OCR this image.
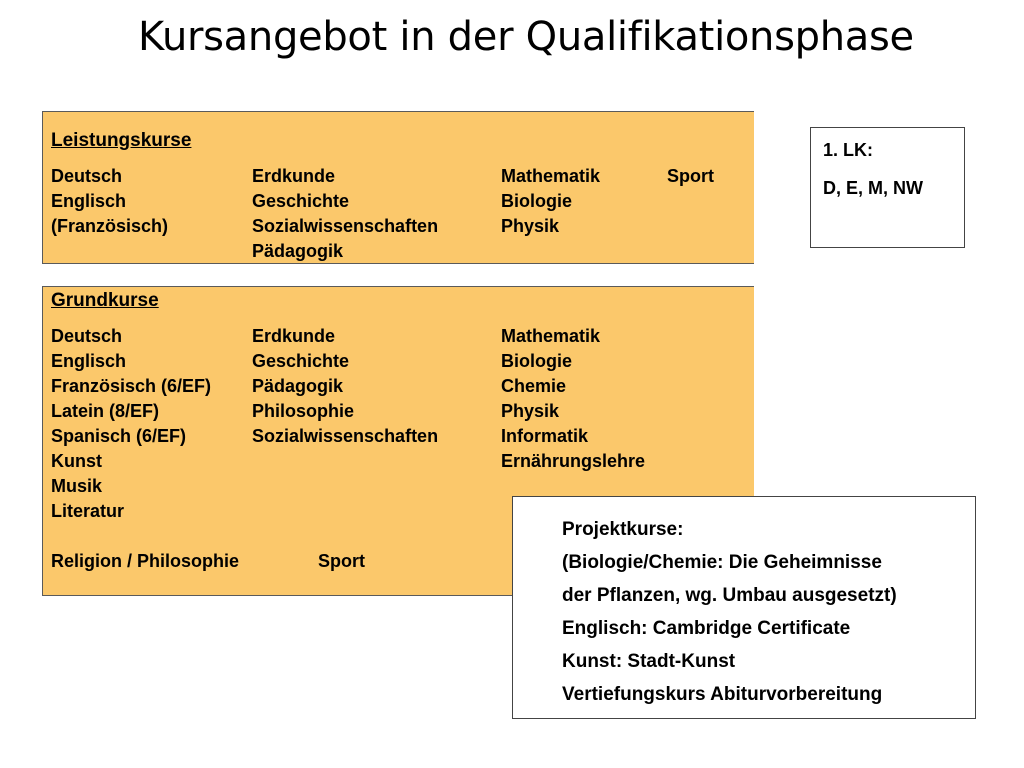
Kursangebot in der Qualifikationsphase
Leistungskurse
Deutsch
Englisch
(Französisch)
Erdkunde
Geschichte
Sozialwissenschaften
Pädagogik
Mathematik
Biologie
Physik
Sport
1. LK:
D, E, M, NW
Grundkurse
Deutsch
Englisch
Französisch (6/EF)
Latein (8/EF)
Spanisch (6/EF)
Kunst
Musik
Literatur
Erdkunde
Geschichte
Pädagogik
Philosophie
Sozialwissenschaften
Mathematik
Biologie
Chemie
Physik
Informatik
Ernährungslehre
Religion / Philosophie	Sport
Projektkurse:
(Biologie/Chemie: Die Geheimnisse
der Pflanzen, wg. Umbau ausgesetzt)
Englisch: Cambridge Certificate
Kunst: Stadt-Kunst
Vertiefungskurs Abiturvorbereitung
